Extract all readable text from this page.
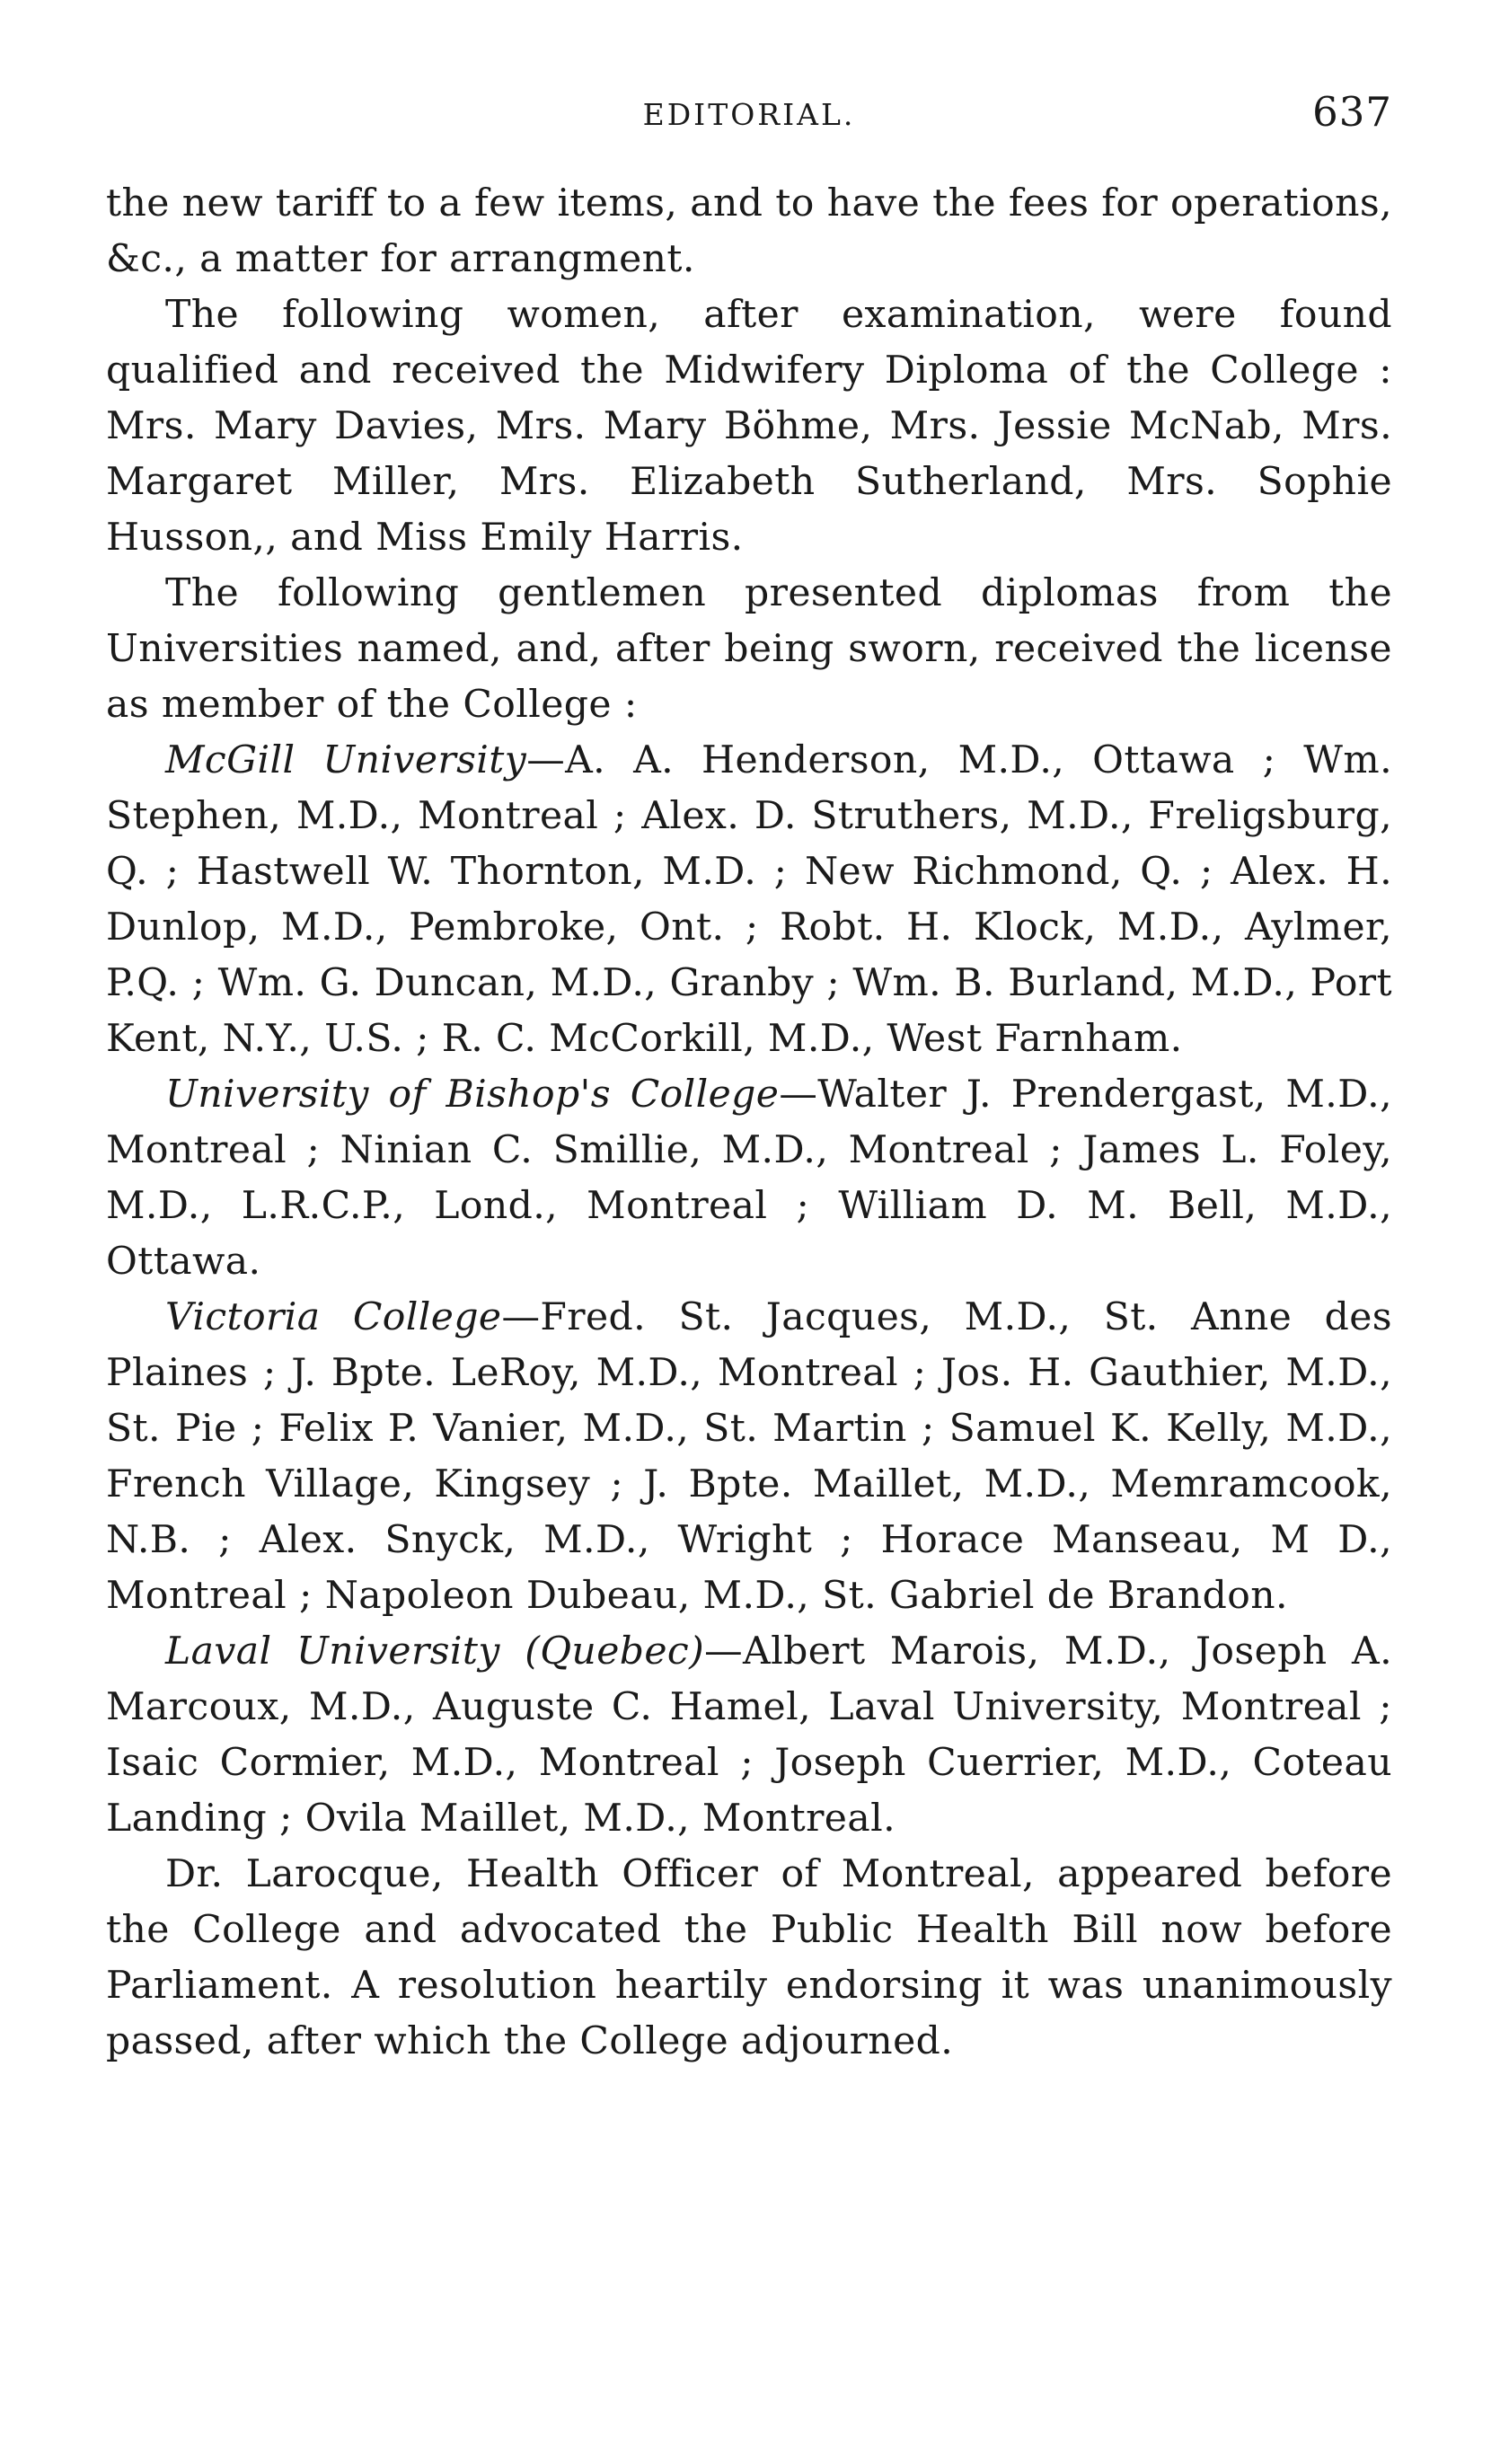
EDITORIAL.	637

the new tariff to a few items, and to have the fees for operations, &c., a matter for arrangment.

The following women, after examination, were found qualified and received the Midwifery Diploma of the College : Mrs. Mary Davies, Mrs. Mary Böhme, Mrs. Jessie McNab, Mrs. Margaret Miller, Mrs. Elizabeth Sutherland, Mrs. Sophie Husson,, and Miss Emily Harris.

The following gentlemen presented diplomas from the Universities named, and, after being sworn, received the license as member of the College :

McGill University—A. A. Henderson, M.D., Ottawa ; Wm. Stephen, M.D., Montreal ; Alex. D. Struthers, M.D., Freligsburg, Q. ; Hastwell W. Thornton, M.D. ; New Richmond, Q. ; Alex. H. Dunlop, M.D., Pembroke, Ont. ; Robt. H. Klock, M.D., Aylmer, P.Q. ; Wm. G. Duncan, M.D., Granby ; Wm. B. Burland, M.D., Port Kent, N.Y., U.S. ; R. C. McCorkill, M.D., West Farnham.

University of Bishop's College—Walter J. Prendergast, M.D., Montreal ; Ninian C. Smillie, M.D., Montreal ; James L. Foley, M.D., L.R.C.P., Lond., Montreal ; William D. M. Bell, M.D., Ottawa.

Victoria College—Fred. St. Jacques, M.D., St. Anne des Plaines ; J. Bpte. LeRoy, M.D., Montreal ; Jos. H. Gauthier, M.D., St. Pie ; Felix P. Vanier, M.D., St. Martin ; Samuel K. Kelly, M.D., French Village, Kingsey ; J. Bpte. Maillet, M.D., Memramcook, N.B. ; Alex. Snyck, M.D., Wright ; Horace Manseau, M D., Montreal ; Napoleon Dubeau, M.D., St. Gabriel de Brandon.

Laval University (Quebec)—Albert Marois, M.D., Joseph A. Marcoux, M.D., Auguste C. Hamel, Laval University, Montreal ; Isaic Cormier, M.D., Montreal ; Joseph Cuerrier, M.D., Coteau Landing ; Ovila Maillet, M.D., Montreal.

Dr. Larocque, Health Officer of Montreal, appeared before the College and advocated the Public Health Bill now before Parliament. A resolution heartily endorsing it was unanimously passed, after which the College adjourned.
